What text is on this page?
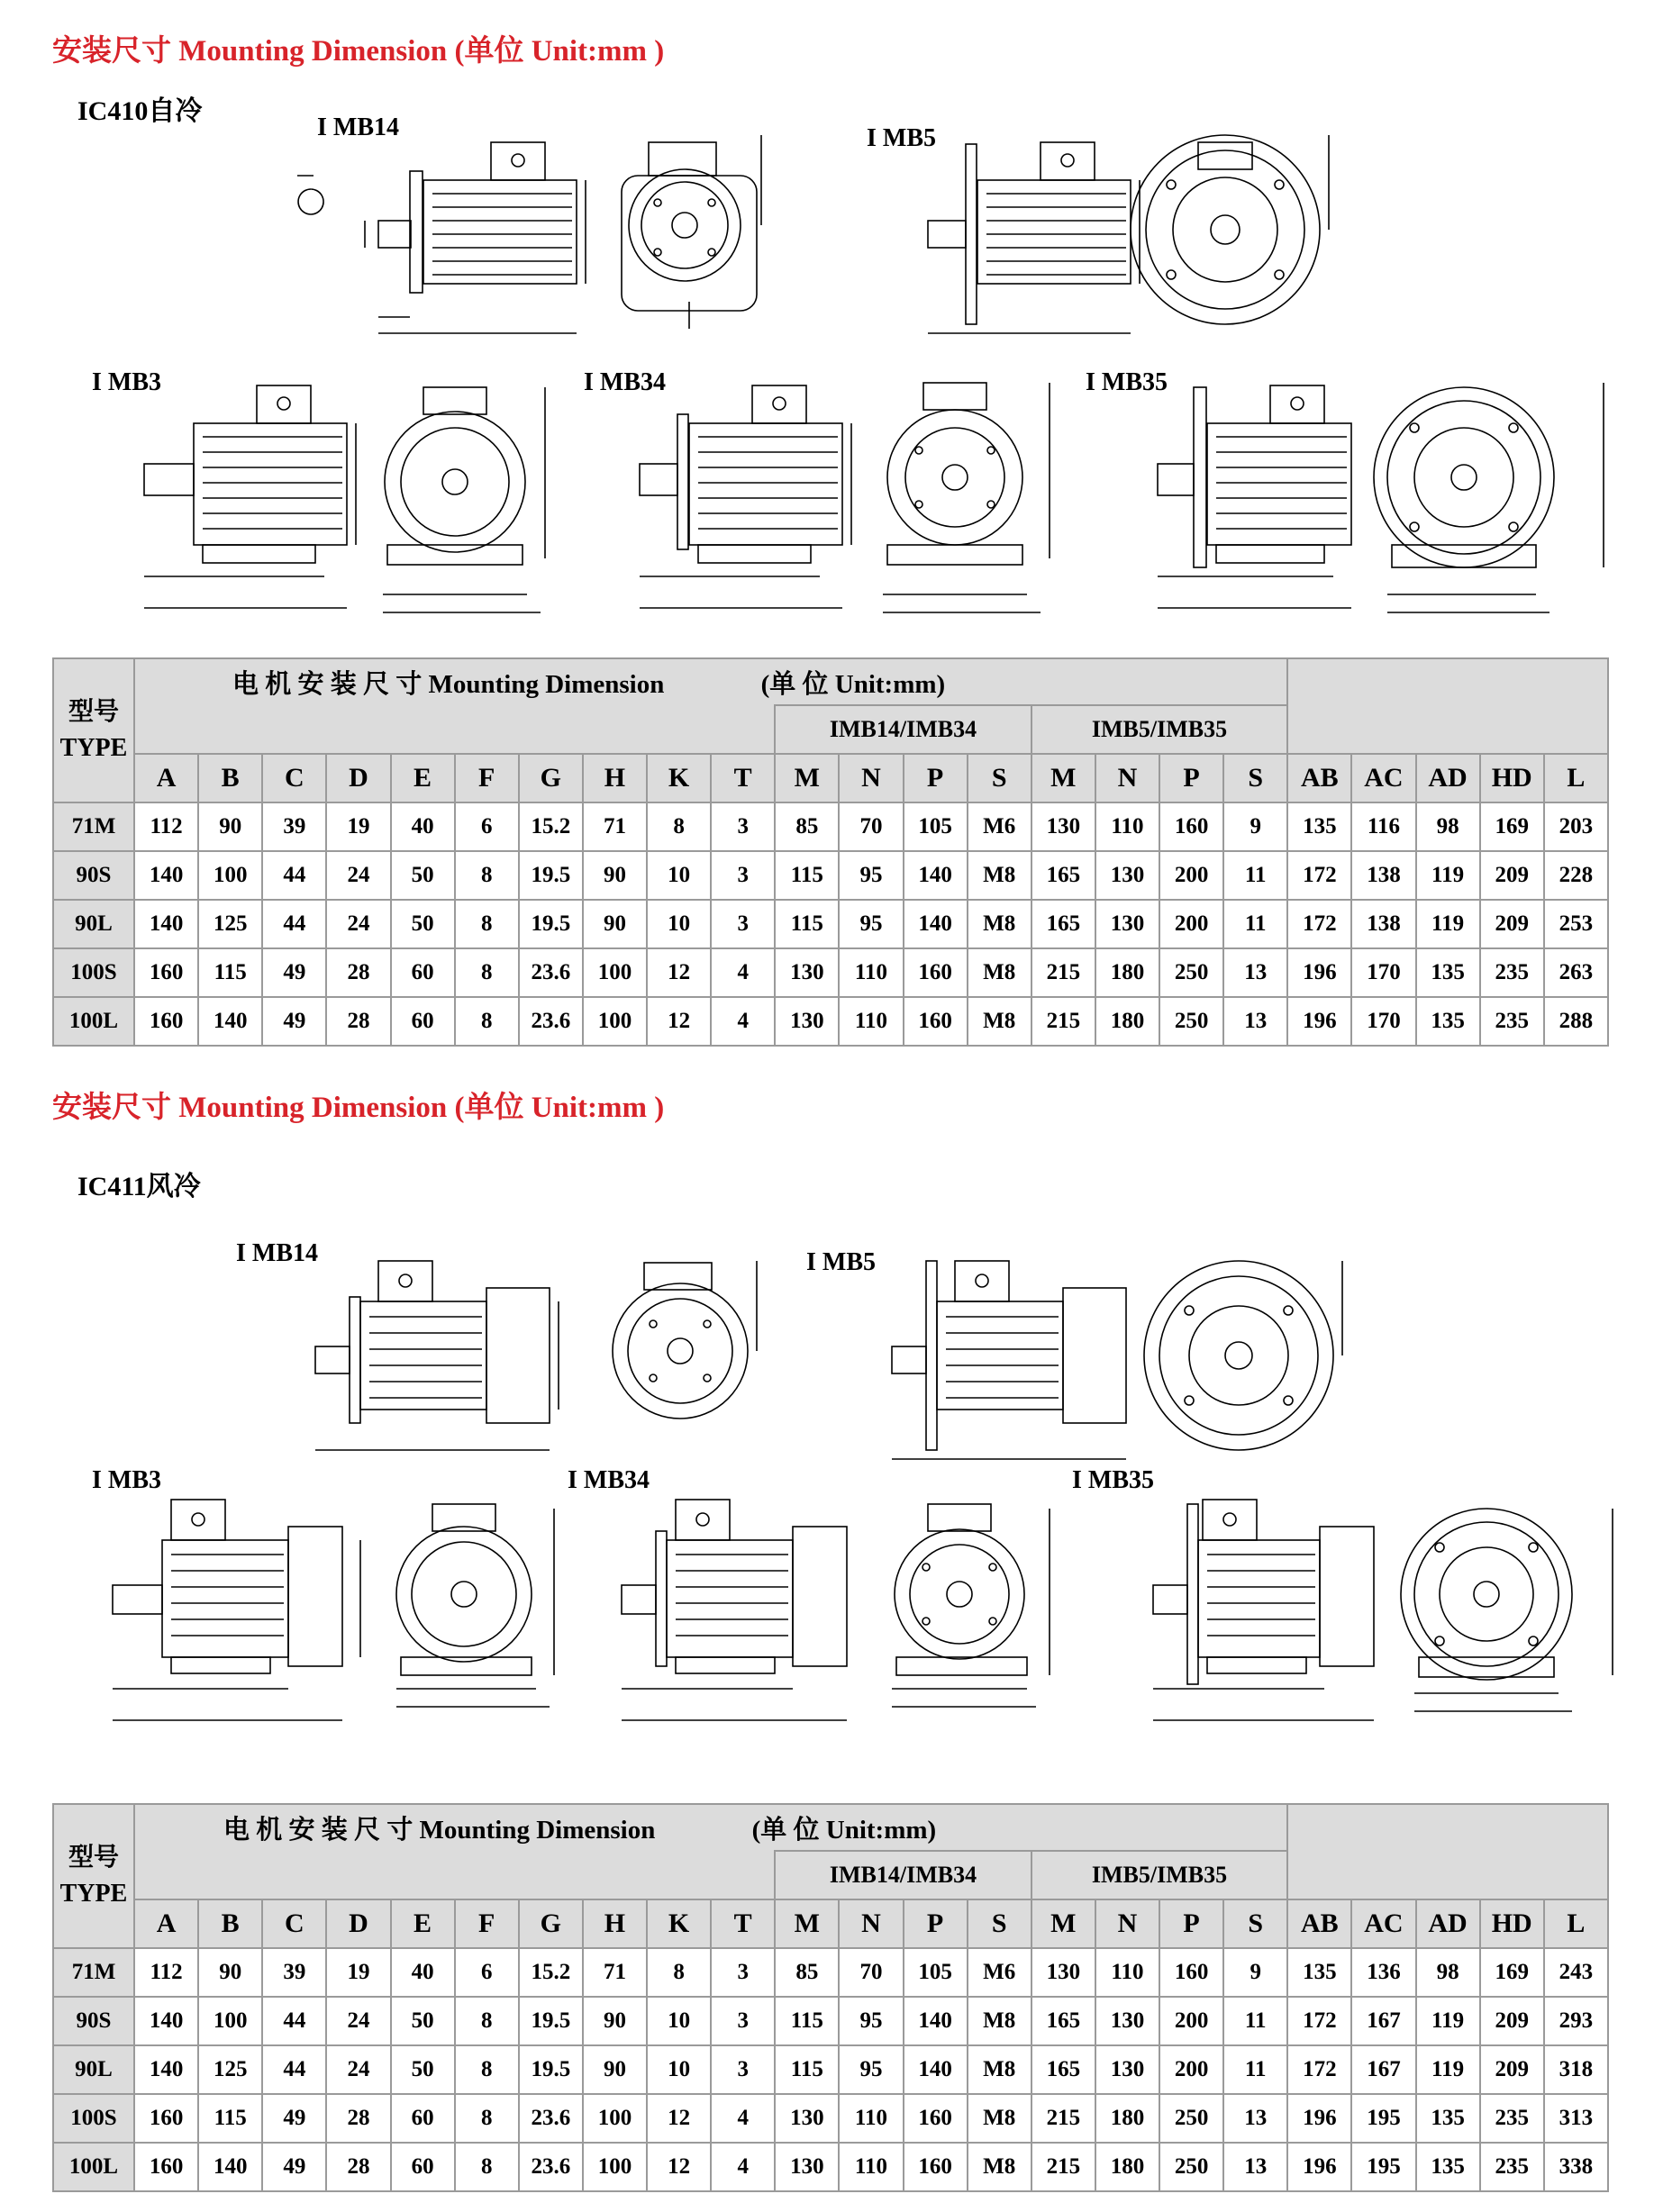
安装尺寸 Mounting Dimension (单位 Unit:mm )
IC410自冷
I MB14	I MB5
I MB3	I MB34	I MB35
型号
TYPE	电 机 安 装 尺 寸 Mounting Dimension (单 位 Unit:mm)																						
											IMB14/IMB34				IMB5/IMB35								
	A	B	C	D	E	F	G	H	K	T	M	N	P	S	M	N	P	S	AB	AC	AD	HD	L
71M	112	90	39	19	40	6	15.2	71	8	3	85	70	105	M6	130	110	160	9	135	116	98	169	203
90S	140	100	44	24	50	8	19.5	90	10	3	115	95	140	M8	165	130	200	11	172	138	119	209	228
90L	140	125	44	24	50	8	19.5	90	10	3	115	95	140	M8	165	130	200	11	172	138	119	209	253
100S	160	115	49	28	60	8	23.6	100	12	4	130	110	160	M8	215	180	250	13	196	170	135	235	263
100L	160	140	49	28	60	8	23.6	100	12	4	130	110	160	M8	215	180	250	13	196	170	135	235	288
安装尺寸 Mounting Dimension (单位 Unit:mm )
IC411风冷
I MB14	I MB5
I MB3	I MB34	I MB35
型号
TYPE	电 机 安 装 尺 寸 Mounting Dimension (单 位 Unit:mm)																						
											IMB14/IMB34				IMB5/IMB35								
	A	B	C	D	E	F	G	H	K	T	M	N	P	S	M	N	P	S	AB	AC	AD	HD	L
71M	112	90	39	19	40	6	15.2	71	8	3	85	70	105	M6	130	110	160	9	135	136	98	169	243
90S	140	100	44	24	50	8	19.5	90	10	3	115	95	140	M8	165	130	200	11	172	167	119	209	293
90L	140	125	44	24	50	8	19.5	90	10	3	115	95	140	M8	165	130	200	11	172	167	119	209	318
100S	160	115	49	28	60	8	23.6	100	12	4	130	110	160	M8	215	180	250	13	196	195	135	235	313
100L	160	140	49	28	60	8	23.6	100	12	4	130	110	160	M8	215	180	250	13	196	195	135	235	338
